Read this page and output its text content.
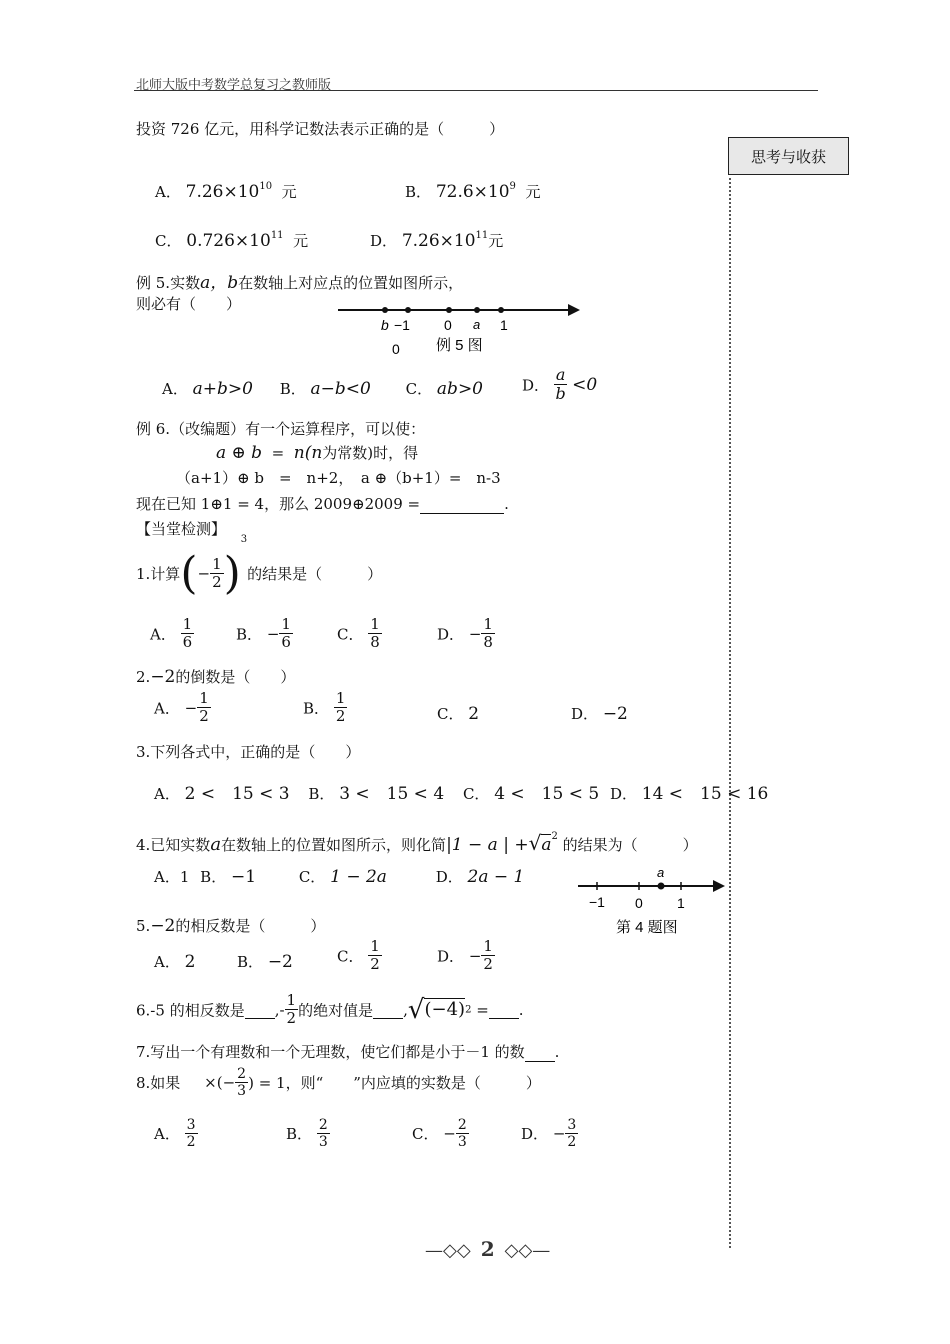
北师大版中考数学总复习之教师版
思考与收获
投资 726 亿元，用科学记数法表示正确的是（　　　）
A． $7.26\times 10^{10}$ 元	B． $72.6\times 10^9$ 元
C． $0.726\times 10^{11}$ 元	D． $7.26\times 10^{11}$元
例 5.实数a，b在数轴上对应点的位置如图所示，
则必有（　　）
b −1 0 a 1
0 例 5 图
A． a+b>0 B． a−b<0 C． ab>0	D． $\frac{a}{b} <0$
例 6.（改编题）有一个运算程序，可以使：
a ⊕ b = n(n为常数)时，得
（a+1）⊕ b　=　n+2，　a ⊕（b+1）=　n-3
现在已知 1⊕1 = 4，那么 2009⊕2009 =	.
【当堂检测】
1.计算(− $\frac{1}{2} )^3$的结果是（　　　）
A． $\frac{1}{6}$	B． − $\frac{1}{6}$	C． $\frac{1}{8}$	D． − $\frac{1}{8}$
2.−2的倒数是（　　）
A． − $\frac{1}{2}$	B． $\frac{1}{2}$	C． 2	D． −2
3.下列各式中，正确的是（　　）
A． 2 <　15 < 3 B． 3 <　15 < 4 C． 4 <　15 < 5 D． 14 <　15 < 16
4.已知实数a在数轴上的位置如图所示，则化简|1 − a | $+√a^2$ 的结果为（　　　）
A．1 B． −1	C． 1 − 2a	D． 2a − 1	a
−1 0 1
第 4 题图
5.−2的相反数是（　　　）
A． 2	B． −2	C． $\frac{1}{2}$	D． − $\frac{1}{2}$
6.-5 的相反数是 ,- $\frac{1}{2}$ 的绝对值是 ,√(−4)2 = .
7.写出一个有理数和一个无理数，使它们都是小于－1 的数 .
8.如果 ×(− $\frac{2}{3}$ ) = 1，则“　　”内应填的实数是（　　　）
A． $\frac{3}{2}$	B． $\frac{2}{3}$	C． − $\frac{2}{3}$	D． − $\frac{3}{2}$
—◇◇ 2 ◇◇—
